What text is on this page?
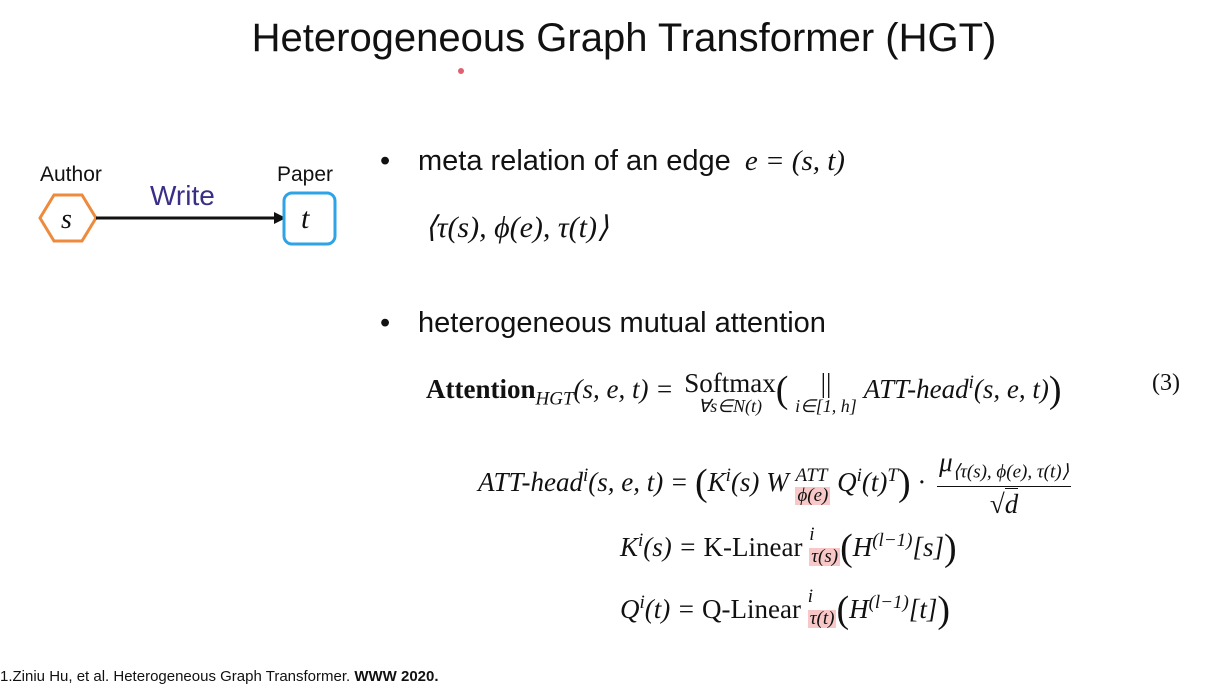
Heterogeneous Graph Transformer (HGT)
Author
s
Write
Paper
t
• meta relation of an edge e = (s, t)
⟨τ(s), ϕ(e), τ(t)⟩
• heterogeneous mutual attention
Attention$_{HGT}$(s, e, t) = Softmax
∀s∈N(t) (	||
i∈[1, h]
ATT-head$^i$(s, e, t))	(3)
ATT-head$^i$(s, e, $t) = (K^i(s)$ W ATT
ϕ(e) $Q^i(t)^T) \cdot \frac{\mu_{⟨\tau(s), \phi(e), \tau(t)⟩}}{√d}$
$K^i(s)$ = K-Linear i
τ(s) $(H^{(l-1)}[s])$
$Q^i(t)$ = Q-Linear i
τ(t) $(H^{(l-1)}[t])$
1.Ziniu Hu, et al. Heterogeneous Graph Transformer. WWW 2020.
